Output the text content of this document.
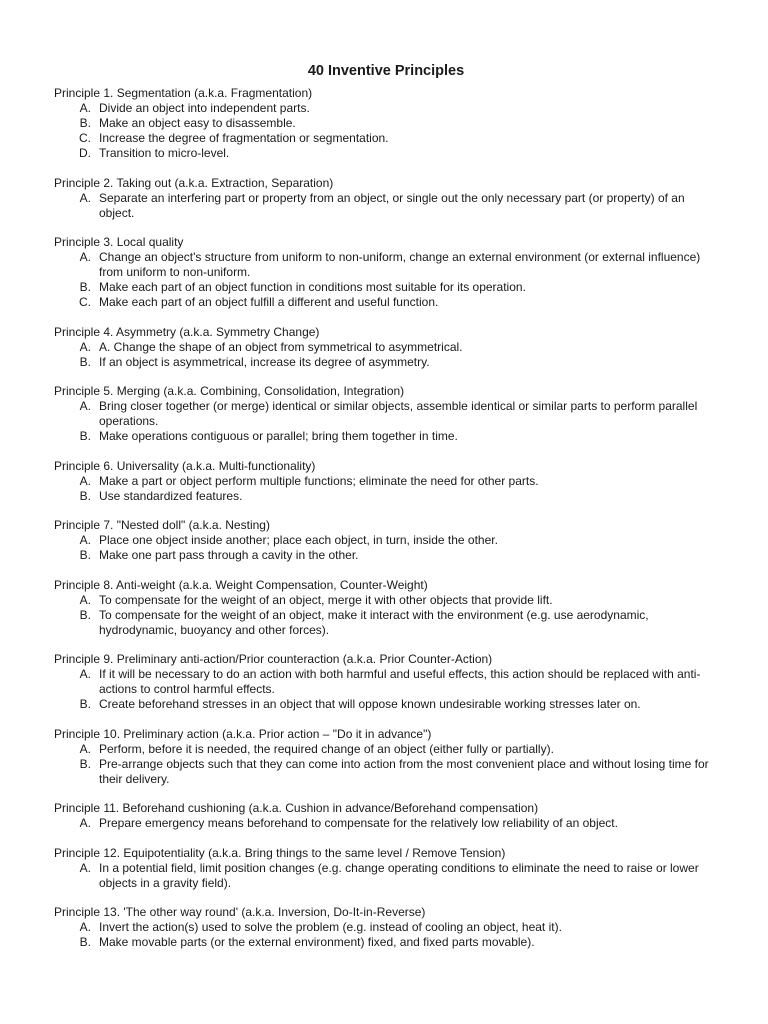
40 Inventive Principles
Principle 1. Segmentation (a.k.a. Fragmentation)
A. Divide an object into independent parts.
B. Make an object easy to disassemble.
C. Increase the degree of fragmentation or segmentation.
D. Transition to micro-level.
Principle 2. Taking out (a.k.a. Extraction, Separation)
A. Separate an interfering part or property from an object, or single out the only necessary part (or property) of an object.
Principle 3. Local quality
A. Change an object's structure from uniform to non-uniform, change an external environment (or external influence) from uniform to non-uniform.
B. Make each part of an object function in conditions most suitable for its operation.
C. Make each part of an object fulfill a different and useful function.
Principle 4. Asymmetry (a.k.a. Symmetry Change)
A. A. Change the shape of an object from symmetrical to asymmetrical.
B. If an object is asymmetrical, increase its degree of asymmetry.
Principle 5. Merging (a.k.a. Combining, Consolidation, Integration)
A. Bring closer together (or merge) identical or similar objects, assemble identical or similar parts to perform parallel operations.
B. Make operations contiguous or parallel; bring them together in time.
Principle 6. Universality (a.k.a. Multi-functionality)
A. Make a part or object perform multiple functions; eliminate the need for other parts.
B. Use standardized features.
Principle 7. "Nested doll" (a.k.a. Nesting)
A. Place one object inside another; place each object, in turn, inside the other.
B. Make one part pass through a cavity in the other.
Principle 8. Anti-weight (a.k.a. Weight Compensation, Counter-Weight)
A. To compensate for the weight of an object, merge it with other objects that provide lift.
B. To compensate for the weight of an object, make it interact with the environment (e.g. use aerodynamic, hydrodynamic, buoyancy and other forces).
Principle 9. Preliminary anti-action/Prior counteraction (a.k.a. Prior Counter-Action)
A. If it will be necessary to do an action with both harmful and useful effects, this action should be replaced with anti-actions to control harmful effects.
B. Create beforehand stresses in an object that will oppose known undesirable working stresses later on.
Principle 10. Preliminary action (a.k.a. Prior action – "Do it in advance")
A. Perform, before it is needed, the required change of an object (either fully or partially).
B. Pre-arrange objects such that they can come into action from the most convenient place and without losing time for their delivery.
Principle 11. Beforehand cushioning (a.k.a. Cushion in advance/Beforehand compensation)
A. Prepare emergency means beforehand to compensate for the relatively low reliability of an object.
Principle 12. Equipotentiality (a.k.a. Bring things to the same level / Remove Tension)
A. In a potential field, limit position changes (e.g. change operating conditions to eliminate the need to raise or lower objects in a gravity field).
Principle 13. 'The other way round' (a.k.a. Inversion, Do-It-in-Reverse)
A. Invert the action(s) used to solve the problem (e.g. instead of cooling an object, heat it).
B. Make movable parts (or the external environment) fixed, and fixed parts movable).
